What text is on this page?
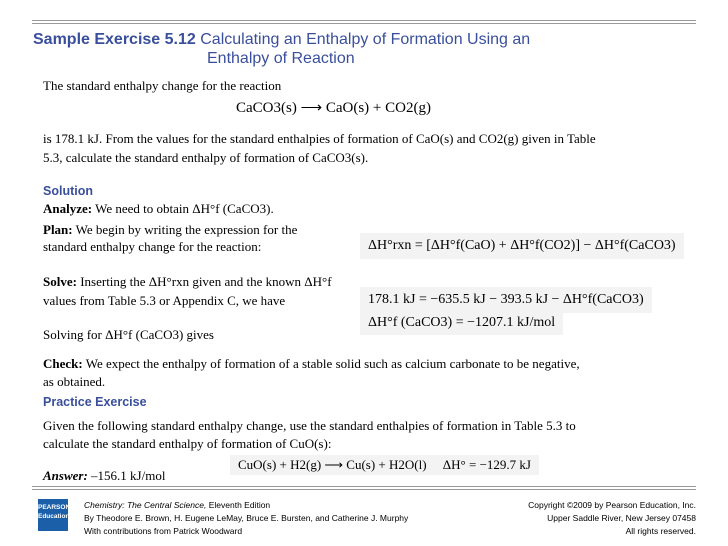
Sample Exercise 5.12 Calculating an Enthalpy of Formation Using an
Enthalpy of Reaction
The standard enthalpy change for the reaction
CaCO3(s) ⟶ CaO(s) + CO2(g)
is 178.1 kJ. From the values for the standard enthalpies of formation of CaO(s) and CO2(g) given in Table
5.3, calculate the standard enthalpy of formation of CaCO3(s).
Solution
Analyze: We need to obtain ΔH°f (CaCO3).
Plan: We begin by writing the expression for the
standard enthalpy change for the reaction:	ΔH°rxn = [ΔH°f(CaO) + ΔH°f(CO2)] − ΔH°f(CaCO3)
Solve: Inserting the ΔH°rxn given and the known ΔH°f
values from Table 5.3 or Appendix C, we have	178.1 kJ = −635.5 kJ − 393.5 kJ − ΔH°f(CaCO3)
Solving for ΔH°f (CaCO3) gives
ΔH°f (CaCO3) = −1207.1 kJ/mol
Check: We expect the enthalpy of formation of a stable solid such as calcium carbonate to be negative,
as obtained.
Practice Exercise
Given the following standard enthalpy change, use the standard enthalpies of formation in Table 5.3 to
calculate the standard enthalpy of formation of CuO(s):
CuO(s) + H2(g) ⟶ Cu(s) + H2O(l)     ΔH° = −129.7 kJ
Answer: –156.1 kJ/mol
PEARSON
Education
Chemistry: The Central Science, Eleventh Edition
By Theodore E. Brown, H. Eugene LeMay, Bruce E. Bursten, and Catherine J. Murphy
With contributions from Patrick Woodward
Copyright ©2009 by Pearson Education, Inc.
Upper Saddle River, New Jersey 07458
All rights reserved.
